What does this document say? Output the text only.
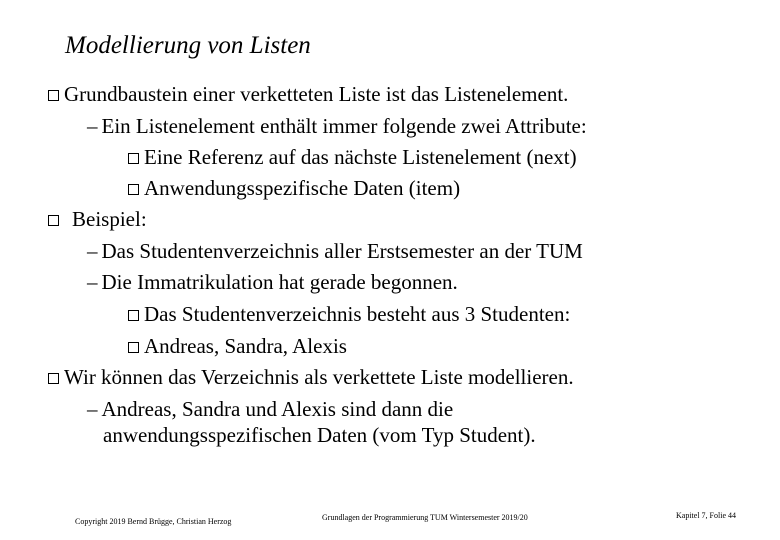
Modellierung von Listen
Grundbaustein einer verketteten Liste ist das Listenelement.
– Ein Listenelement enthält immer folgende zwei Attribute:
Eine Referenz auf das nächste Listenelement (next)
Anwendungsspezifische Daten (item)
Beispiel:
– Das Studentenverzeichnis aller Erstsemester an der TUM
– Die Immatrikulation hat gerade begonnen.
Das Studentenverzeichnis besteht aus 3 Studenten:
Andreas, Sandra, Alexis
Wir können das Verzeichnis als verkettete Liste modellieren.
– Andreas, Sandra und Alexis sind dann die
anwendungsspezifischen Daten (vom Typ Student).
Copyright 2019 Bernd Brügge, Christian Herzog	Grundlagen der Programmierung TUM Wintersemester 2019/20	Kapitel 7, Folie 44
